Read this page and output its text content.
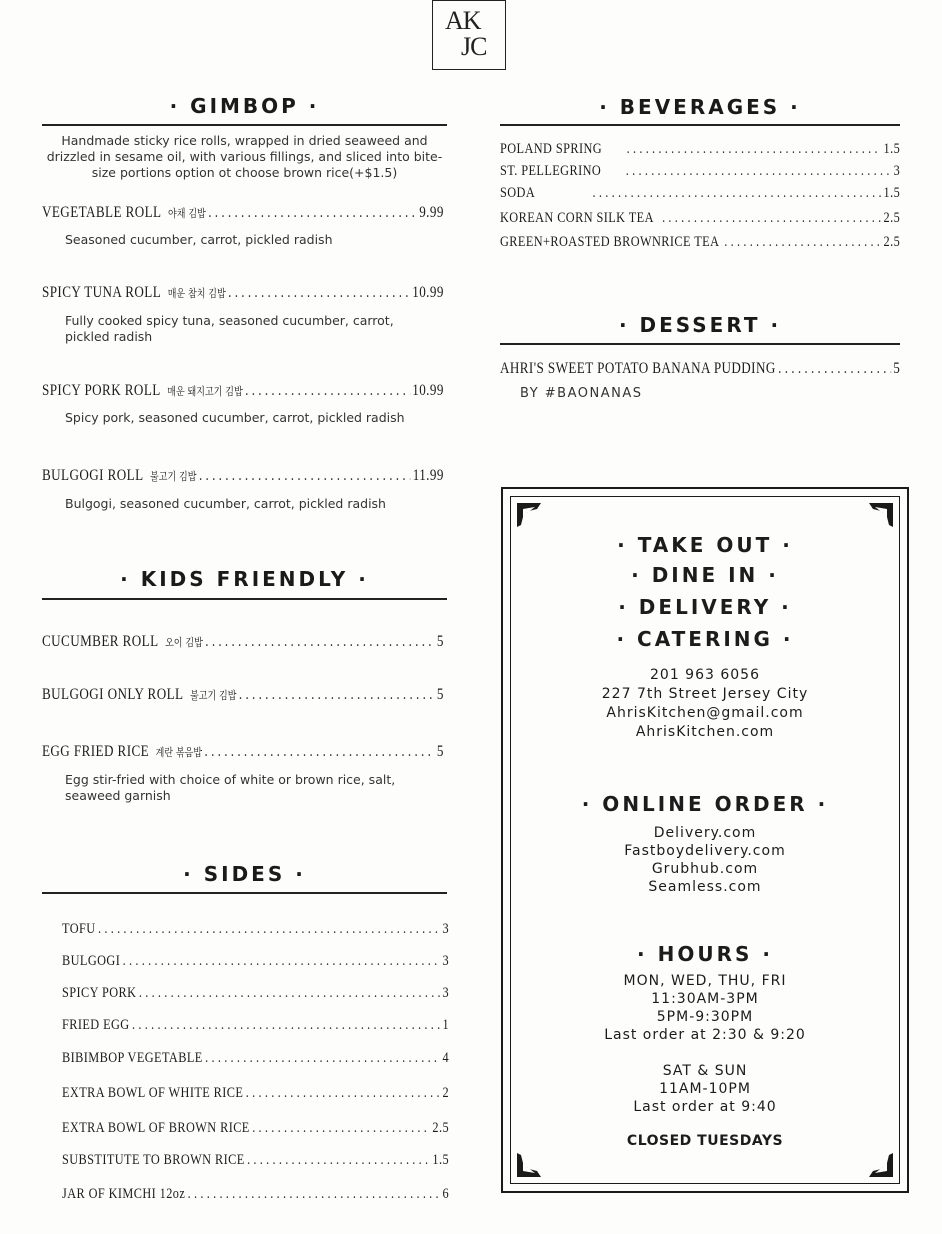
AK
JC
· GIMBOP ·
Handmade sticky rice rolls, wrapped in dried seaweed and drizzled in sesame oil, with various fillings, and sliced into bite-size portions option ot choose brown rice(+$1.5)
VEGETABLE ROLL 야채 김밥 .....	9.99
Seasoned cucumber, carrot, pickled radish
SPICY TUNA ROLL 매운 참치 김밥 .....	10.99
Fully cooked spicy tuna, seasoned cucumber, carrot, pickled radish
SPICY PORK ROLL 매운 돼지고기 김밥 .....	10.99
Spicy pork, seasoned cucumber, carrot, pickled radish
BULGOGI ROLL 불고기 김밥 .....	11.99
Bulgogi, seasoned cucumber, carrot, pickled radish
· KIDS FRIENDLY ·
CUCUMBER ROLL 오이 김밥 .....	5
BULGOGI ONLY ROLL 불고기 김밥 .....	5
EGG FRIED RICE 계란 볶음밥 .....	5
Egg stir-fried with choice of white or brown rice, salt, seaweed garnish
· SIDES ·
TOFU .....	3
BULGOGI .....	3
SPICY PORK .....	3
FRIED EGG .....	1
BIBIMBOP VEGETABLE .....	4
EXTRA BOWL OF WHITE RICE .....	2
EXTRA BOWL OF BROWN RICE .....	2.5
SUBSTITUTE TO BROWN RICE .....	1.5
JAR OF KIMCHI 12oz .....	6
· BEVERAGES ·
POLAND SPRING .....	1.5
ST. PELLEGRINO .....	3
SODA .....	1.5
KOREAN CORN SILK TEA .....	2.5
GREEN+ROASTED BROWNRICE TEA .....	2.5
· DESSERT ·
AHRI'S SWEET POTATO BANANA PUDDING .....	5
BY #BAONANAS
· TAKE OUT ·
· DINE IN ·
· DELIVERY ·
· CATERING ·
201 963 6056
227 7th Street Jersey City
AhrisKitchen@gmail.com
AhrisKitchen.com
· ONLINE ORDER ·
Delivery.com
Fastboydelivery.com
Grubhub.com
Seamless.com
· HOURS ·
MON, WED, THU, FRI
11:30AM-3PM
5PM-9:30PM
Last order at 2:30 & 9:20
SAT & SUN
11AM-10PM
Last order at 9:40
CLOSED TUESDAYS
